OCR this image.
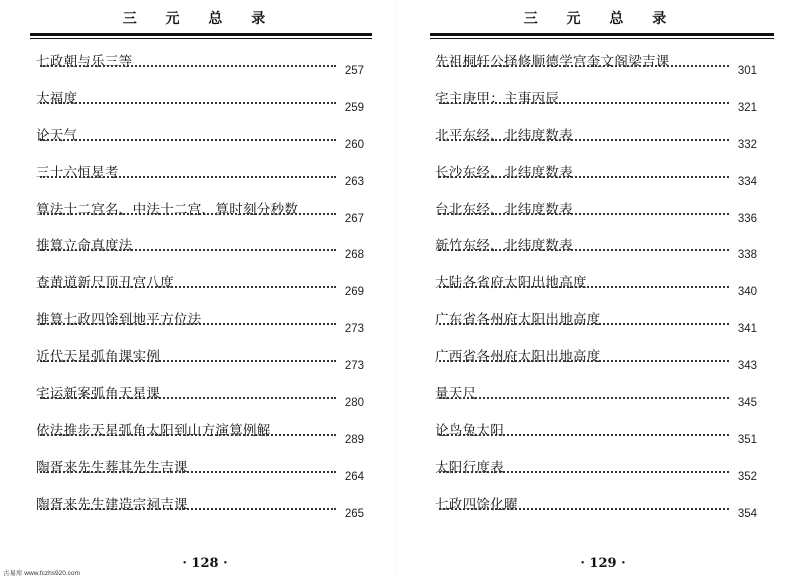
三 元 总 录
七政朝与乐三等
257
大福度
259
论天气
260
三十六恒星考
263
算法十二宫名、中法十二宫、算时刻分秒数
267
推算立命真度法
268
查黄道新尺顶丑宫八度
269
推算七政四馀到地平方位法
273
近代天星弧角课实例
273
宅运新案弧角天星课
280
依法推步天星弧角太阳到山方演算例解
289
陶胥来先生葬其先生吉课
264
陶胥来先生建造宗祠吉课
265
· 128 ·
三 元 总 录
先祖桐轩公择修顺德学宫奎文阁梁吉课
301
宅主庚甲：主事丙辰
321
北平东经、北纬度数表
332
长沙东经、北纬度数表
334
台北东经、北纬度数表
336
新竹东经、北纬度数表
338
大陆各省府太阳出地高度
340
广东省各州府太阳出地高度
341
广西省各州府太阳出地高度
343
量天尺
345
论鸟兔太阳
351
太阳行度表
352
七政四馀化曜
354
· 129 ·
古易库 www.fczhs920.com
